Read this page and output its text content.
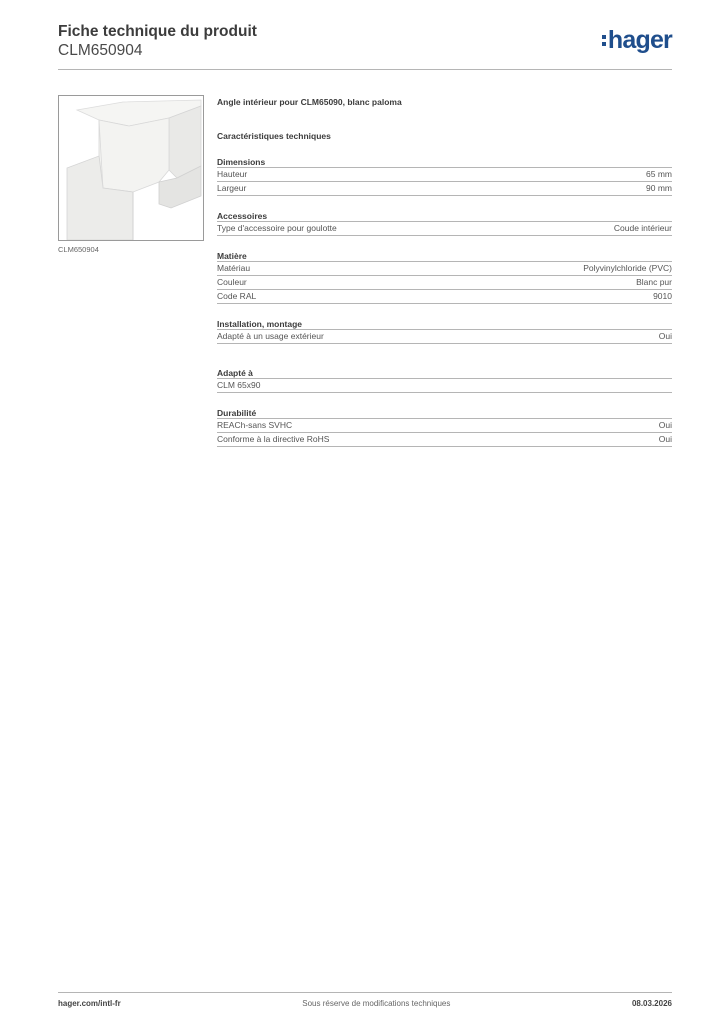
Fiche technique du produit
CLM650904	hager
CLM650904
Angle intérieur pour CLM65090, blanc paloma
Caractéristiques techniques
Dimensions
Hauteur	65 mm
Largeur	90 mm
Accessoires
Type d'accessoire pour goulotte	Coude intérieur
Matière
Matériau	Polyvinylchloride (PVC)
Couleur	Blanc pur
Code RAL	9010
Installation, montage
Adapté à un usage extérieur	Oui
Adapté à
CLM 65x90
Durabilité
REACh-sans SVHC	Oui
Conforme à la directive RoHS	Oui
hager.com/intl-fr	Sous réserve de modifications techniques	08.03.2026
